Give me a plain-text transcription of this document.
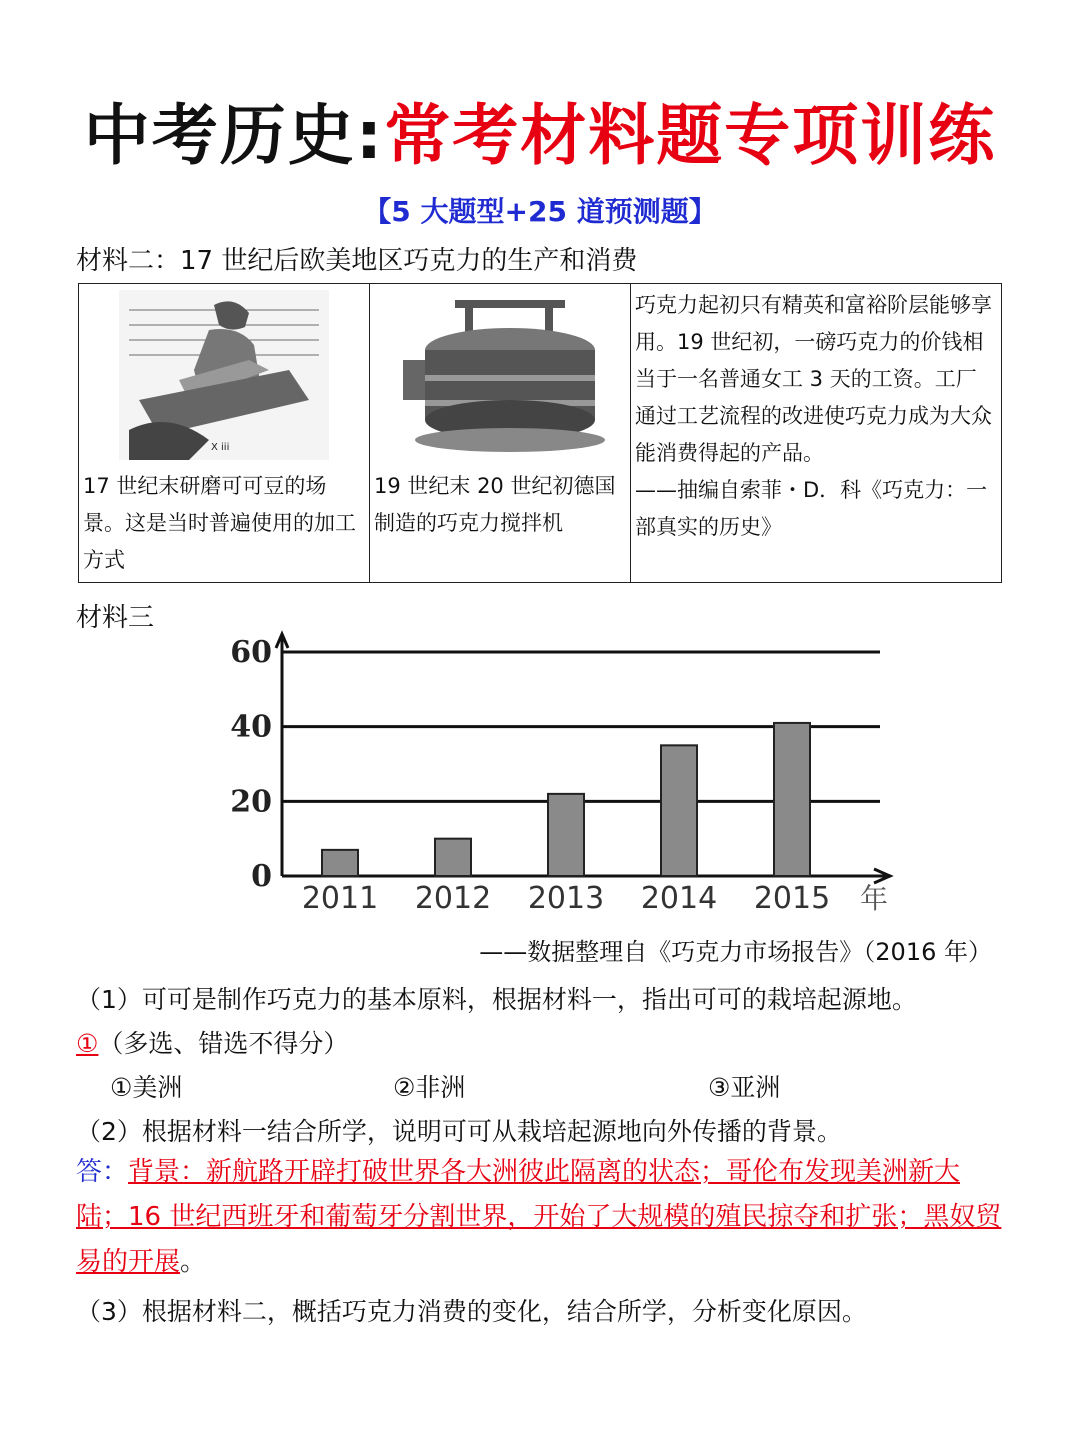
中考历史:常考材料题专项训练
【5 大题型+25 道预测题】
材料二：17 世纪后欧美地区巧克力的生产和消费
X iii
17 世纪末研磨可可豆的场景。这是当时普遍使用的加工方式

19 世纪末 20 世纪初德国制造的巧克力搅拌机

巧克力起初只有精英和富裕阶层能够享用。19 世纪初，一磅巧克力的价钱相当于一名普通女工 3 天的工资。工厂通过工艺流程的改进使巧克力成为大众能消费得起的产品。
——抽编自索菲・D．科《巧克力：一部真实的历史》
材料三
0
20
40
60
2011 2012 2013 2014 2015 年
——数据整理自《巧克力市场报告》（2016 年）
（1）可可是制作巧克力的基本原料，根据材料一，指出可可的栽培起源地。
①（多选、错选不得分）
①美洲	②非洲	③亚洲
（2）根据材料一结合所学，说明可可从栽培起源地向外传播的背景。
答：背景：新航路开辟打破世界各大洲彼此隔离的状态；哥伦布发现美洲新大陆；16 世纪西班牙和葡萄牙分割世界，开始了大规模的殖民掠夺和扩张；黑奴贸易的开展。
（3）根据材料二，概括巧克力消费的变化，结合所学，分析变化原因。
